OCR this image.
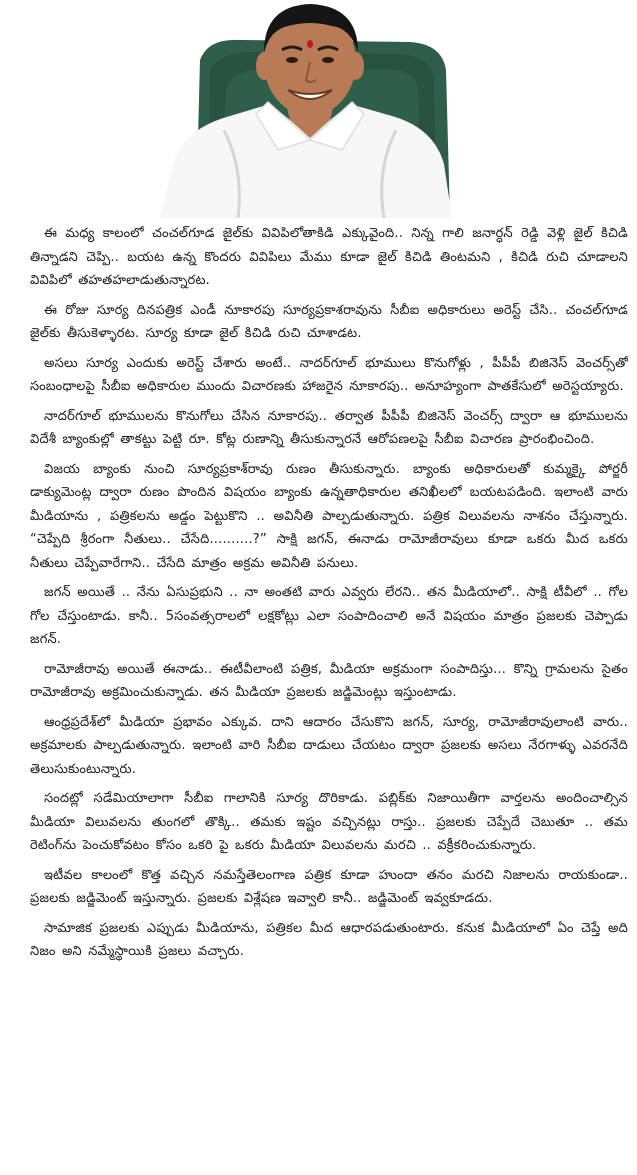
ఈ మధ్య కాలంలో చంచల్‌గూడ జైల్‌కు వివిపిలోతాకిడి ఎక్కువైంది.. నిన్న గాలి జనార్ధన్ రెడ్డి వెళ్లి జైల్ కిచిడి తిన్నాడని చెప్పి.. బయట ఉన్న కొందరు వివిపిలు మేము కూడా జైల్ కిచిడి తింటమని , కిచిడి రుచి చూడాలని వివిపిలో తహతహలాడుతున్నారట.

ఈ రోజు సూర్య దినపత్రిక ఎండీ నూకారపు సూర్యప్రకాశరావును సీబీఐ అధికారులు అరెస్ట్ చేసి.. చంచల్‌గూడ జైల్‌కు తీసుకెళ్ళారట. సూర్య కూడా జైల్ కిచిడి రుచి చూశాడట.

అసలు సూర్య ఎందుకు అరెస్ట్ చేశారు అంటే.. నాదర్‌గూల్ భూములు కొనుగోళ్లు , పీపీపీ బిజినెస్ వెంచర్స్‌తో సంబంధాలపై సీబీఐ అధికారుల ముందు విచారణకు హాజరైన నూకారపు.. అనూహ్యంగా పాతకేసులో అరెస్టయ్యారు.

నాదర్‌గూల్ భూములను కొనుగోలు చేసిన నూకారపు.. తర్వాత పీపీపీ బిజినెస్ వెంచర్స్ ద్వారా ఆ భూములను విదేశీ బ్యాంకుల్లో తాకట్టు పెట్టి రూ. కోట్ల రుణాన్ని తీసుకున్నారనే ఆరోపణలపై సీబీఐ విచారణ ప్రారంభించింది.

విజయ బ్యాంకు నుంచి సూర్యప్రకాశ్‌రావు రుణం తీసుకున్నారు. బ్యాంకు అధికారులతో కుమ్మక్కై పోర్జరీ డాక్యుమెంట్ల ద్వారా రుణం పొందిన విషయం బ్యాంకు ఉన్నతాధికారుల తనిఖీలలో బయటపడింది. ఇలాంటి వారు మీడియాను , పత్రికలను అడ్డం పెట్టుకొని .. అవినీతి పాల్పడుతున్నారు. పత్రిక విలువలను నాశనం చేస్తున్నారు. “చెప్పేది శ్రీరంగా నీతులు.. చేసేది..........?” సాక్షి జగన్, ఈనాడు రామోజీరావులు కూడా ఒకరు మీద ఒకరు నీతులు చెప్పేవారేగాని.. చేసేది మాత్రం అక్రమ అవినీతి పనులు.

జగన్ అయితే .. నేను ఏసుప్రభుని .. నా అంతటి వారు ఎవ్వరు లేరని.. తన మీడియాలో.. సాక్షి టీవీలో .. గోల గోల చేస్తుంటాడు. కానీ.. 5సంవత్సరాలలో లక్షకోట్లు ఎలా సంపాదించాలి అనే విషయం మాత్రం ప్రజలకు చెప్పాడు జగన్.

రామోజీరావు అయితే ఈనాడు.. ఈటీవీలాంటి పత్రిక, మీడియా అక్రమంగా సంపాదిస్తు... కొన్ని గ్రామలను సైతం రామోజీరావు అక్రమించుకున్నాడు. తన మీడియా ప్రజలకు జడ్జిమెంట్లు ఇస్తుంటాడు.

ఆంధ్రప్రదేశ్‌లో మీడియా ప్రభావం ఎక్కువ. దాని ఆదారం చేసుకొని జగన్, సూర్య, రామోజీరావులాంటి వారు.. అక్రమాలకు పాల్పడుతున్నారు. ఇలాంటి వారి సీబీఐ దాడులు చేయటం ద్వారా ప్రజలకు అసలు నేరగాళ్ళు ఎవరనేది తెలుసుకుంటున్నారు.

సందట్లో సడేమియాలాగా సీబీఐ గాలానికి సూర్య దొరికాడు. పబ్లిక్‌కు నిజాయితీగా వార్తలను అందించాల్సిన మీడియా విలువలను తుంగలో తొక్కి.. తమకు ఇష్టం వచ్చినట్లు రాస్తు.. ప్రజలకు చెప్పేదే చెబుతూ .. తమ రెటింగ్‌ను పెంచుకోవటం కోసం ఒకరి పై ఒకరు మీడియా విలువలను మరచి .. వక్రీకరించుకున్నారు.

ఇటీవల కాలంలో కొత్త వచ్చిన నమస్తేతెలంగాణ పత్రిక కూడా హుందా తనం మరచి నిజాలను రాయకుండా.. ప్రజలకు జడ్జిమెంట్ ఇస్తున్నారు. ప్రజలకు విశ్లేషణ ఇవ్వాలి కానీ.. జడ్జిమెంట్ ఇవ్వకూడదు.

సామాజిక ప్రజలకు ఎప్పుడు మీడియాను, పత్రికల మీద ఆధారపడుతుంటారు. కనుక మీడియాలో ఏం చెప్తే అది నిజం అని నమ్మేస్థాయికి ప్రజలు వచ్చారు.
